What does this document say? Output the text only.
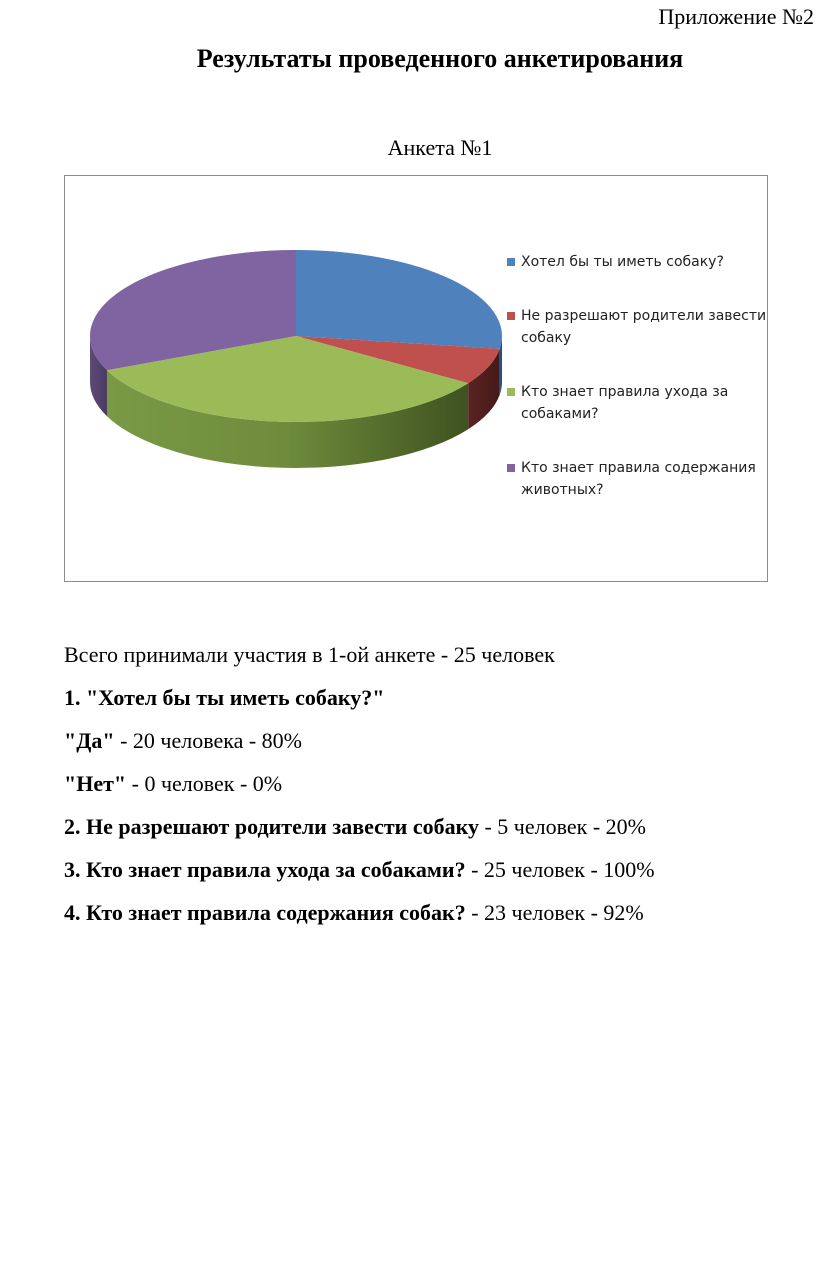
Приложение №2
Результаты проведенного анкетирования
Анкета №1
Хотел бы ты иметь собаку?
Не разрешают родители завести собаку
Кто знает правила ухода за собаками?
Кто знает правила содержания животных?
Всего принимали участия в 1-ой анкете - 25 человек
1. "Хотел бы ты иметь собаку?"
"Да" - 20 человека - 80%
"Нет" - 0 человек - 0%
2. Не разрешают родители завести собаку - 5 человек - 20%
3. Кто знает правила ухода за собаками? - 25 человек - 100%
4. Кто знает правила содержания собак? - 23 человек - 92%
